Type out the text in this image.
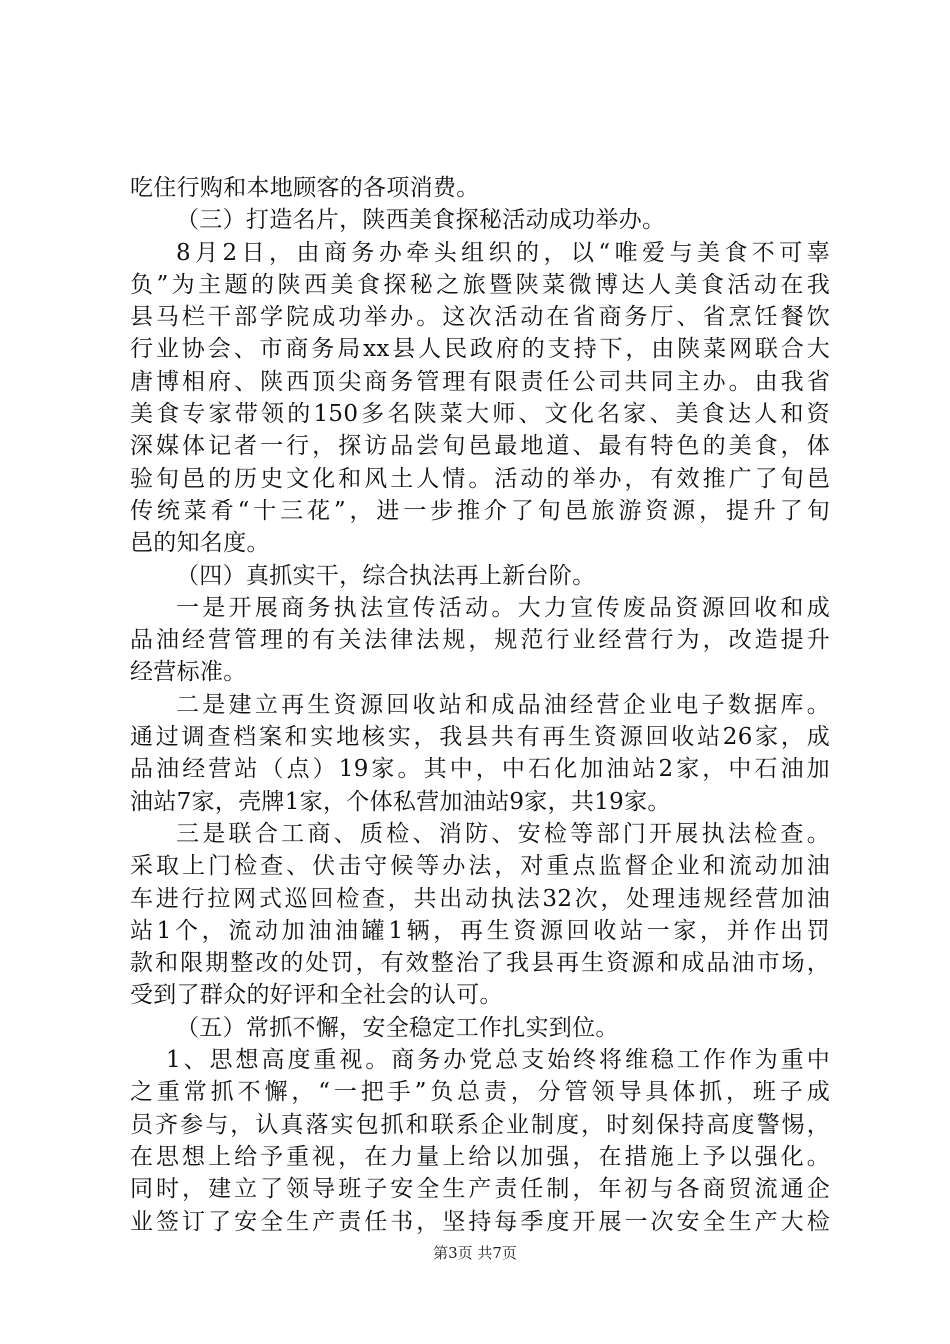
吃住行购和本地顾客的各项消费。
（三）打造名片，陕西美食探秘活动成功举办。
8月2日，由商务办牵头组织的，以“唯爱与美食不可辜
负”为主题的陕西美食探秘之旅暨陕菜微博达人美食活动在我
县马栏干部学院成功举办。这次活动在省商务厅、省烹饪餐饮
行业协会、市商务局xx县人民政府的支持下，由陕菜网联合大
唐博相府、陕西顶尖商务管理有限责任公司共同主办。由我省
美食专家带领的150多名陕菜大师、文化名家、美食达人和资
深媒体记者一行，探访品尝旬邑最地道、最有特色的美食，体
验旬邑的历史文化和风土人情。活动的举办，有效推广了旬邑
传统菜肴“十三花”，进一步推介了旬邑旅游资源，提升了旬
邑的知名度。
（四）真抓实干，综合执法再上新台阶。
一是开展商务执法宣传活动。大力宣传废品资源回收和成
品油经营管理的有关法律法规，规范行业经营行为，改造提升
经营标准。
二是建立再生资源回收站和成品油经营企业电子数据库。
通过调查档案和实地核实，我县共有再生资源回收站26家，成
品油经营站（点）19家。其中，中石化加油站2家，中石油加
油站7家，壳牌1家，个体私营加油站9家，共19家。
三是联合工商、质检、消防、安检等部门开展执法检查。
采取上门检查、伏击守候等办法，对重点监督企业和流动加油
车进行拉网式巡回检查，共出动执法32次，处理违规经营加油
站1个，流动加油油罐1辆，再生资源回收站一家，并作出罚
款和限期整改的处罚，有效整治了我县再生资源和成品油市场，
受到了群众的好评和全社会的认可。
（五）常抓不懈，安全稳定工作扎实到位。
1、思想高度重视。商务办党总支始终将维稳工作作为重中
之重常抓不懈，“一把手”负总责，分管领导具体抓，班子成
员齐参与，认真落实包抓和联系企业制度，时刻保持高度警惕，
在思想上给予重视，在力量上给以加强，在措施上予以强化。
同时，建立了领导班子安全生产责任制，年初与各商贸流通企
业签订了安全生产责任书，坚持每季度开展一次安全生产大检
第3页 共7页
